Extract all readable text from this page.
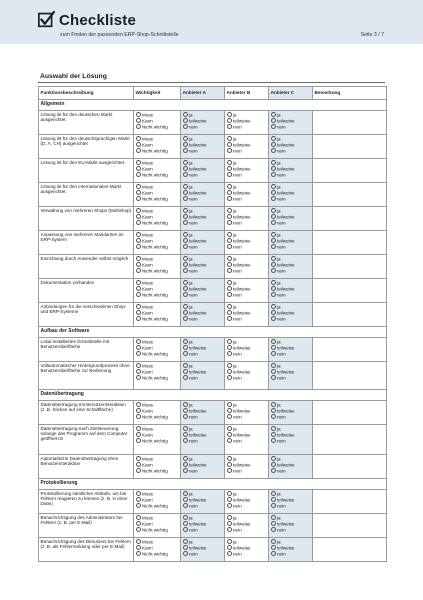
Checkliste
zum Finden der passenden ERP-Shop-Schnittstelle	Seite 3 / 7
Auswahl der Lösung
Funktionsbeschreibung	Wichtigkeit	Anbieter A	Anbieter B	Anbieter C	Bemerkung
Allgemein					

Lösung ist für den deutschen Markt ausgerichtet	Muss
Kann
Nicht wichtig	ja
teilweise
nein	ja
teilweise
nein	ja
teilweise
nein	

Lösung ist für den deutschsprachigen Markt (D, A, CH) ausgerichtet	Muss
Kann
Nicht wichtig	ja
teilweise
nein	ja
teilweise
nein	ja
teilweise
nein	

Lösung ist für den EU-Markt ausgerichtet	Muss
Kann
Nicht wichtig	ja
teilweise
nein	ja
teilweise
nein	ja
teilweise
nein	

Lösung ist für den internationalen Markt ausgerichtet	Muss
Kann
Nicht wichtig	ja
teilweise
nein	ja
teilweise
nein	ja
teilweise
nein	

Verwaltung von mehreren Shops (Multishop)	Muss
Kann
Nicht wichtig	ja
teilweise
nein	ja
teilweise
nein	ja
teilweise
nein	

Anpassung von mehreren Mandanten im ERP-System	Muss
Kann
Nicht wichtig	ja
teilweise
nein	ja
teilweise
nein	ja
teilweise
nein	

Einrichtung durch Anwender selbst möglich	Muss
Kann
Nicht wichtig	ja
teilweise
nein	ja
teilweise
nein	ja
teilweise
nein	

Dokumentation vorhanden	Muss
Kann
Nicht wichtig	ja
teilweise
nein	ja
teilweise
nein	ja
teilweise
nein	

Anbindungen für die verschiedenen Shop- und ERP-Systeme	Muss
Kann
Nicht wichtig	ja
teilweise
nein	ja
teilweise
nein	ja
teilweise
nein	

Aufbau der Software					

Lokal installiertes Schnittstelle mit Benutzeroberfläche	Muss
Kann
Nicht wichtig	ja
teilweise
nein	ja
teilweise
nein	ja
teilweise
nein	

Vollautomatischer Hintergrundprozess ohne Benutzeroberfläche zur Bedienung	Muss
Kann
Nicht wichtig	ja
teilweise
nein	ja
teilweise
nein	ja
teilweise
nein	

Datenübertragung					

Datenübertragung mit Benutzerinteraktion (z. B. Klicken auf eine Schaltfläche)	Muss
Kann
Nicht wichtig	ja
teilweise
nein	ja
teilweise
nein	ja
teilweise
nein	

Datenübertragung nach Zeitsteuerung, solange das Programm auf dem Computer geöffnet ist	Muss
Kann
Nicht wichtig	ja
teilweise
nein	ja
teilweise
nein	ja
teilweise
nein	

Automatische Datenübertragung ohne Benutzerinteraktion	Muss
Kann
Nicht wichtig	ja
teilweise
nein	ja
teilweise
nein	ja
teilweise
nein	

Protokollierung					

Protokollierung sämtlicher Abläufe, um bei Fehlern reagieren zu können (z. B. in einer Datei)	Muss
Kann
Nicht wichtig	ja
teilweise
nein	ja
teilweise
nein	ja
teilweise
nein	

Benachrichtigung des Administrators bei Fehlern (z. B. per E-Mail)	Muss
Kann
Nicht wichtig	ja
teilweise
nein	ja
teilweise
nein	ja
teilweise
nein	

Benachrichtigung des Benutzers bei Fehlern (z. B. als Fehlermeldung oder per E-Mail)	Muss
Kann
Nicht wichtig	ja
teilweise
nein	ja
teilweise
nein	ja
teilweise
nein	
